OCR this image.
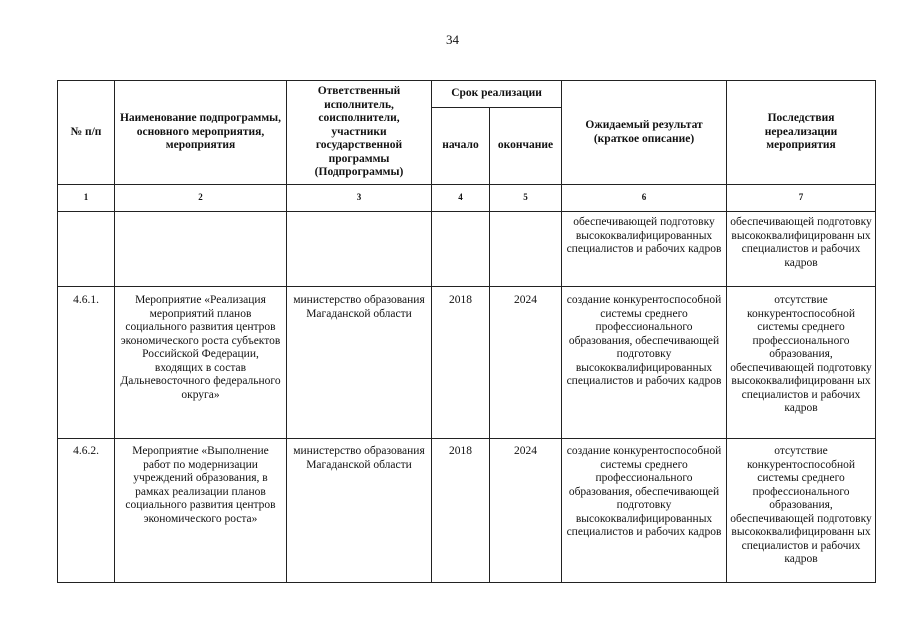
34
№ п/п	Наименование подпрограммы, основного мероприятия, мероприятия	Ответственный исполнитель, соисполнители, участники государственной программы (Подпрограммы)	Срок реализации		Ожидаемый результат (краткое описание)	Последствия нереализации мероприятия
			начало	окончание		
1	2	3	4	5	6	7
					обеспечивающей подготовку высококвалифицированных специалистов и рабочих кадров	обеспечивающей подготовку высококвалифицированн ых специалистов и рабочих кадров
4.6.1.	Мероприятие «Реализация мероприятий планов социального развития центров экономического роста субъектов Российской Федерации, входящих в состав Дальневосточного федерального округа»	министерство образования Магаданской области	2018	2024	создание конкурентоспособной системы среднего профессионального образования, обеспечивающей подготовку высококвалифицированных специалистов и рабочих кадров	отсутствие конкурентоспособной системы среднего профессионального образования, обеспечивающей подготовку высококвалифицированн ых специалистов и рабочих кадров
4.6.2.	Мероприятие «Выполнение работ по модернизации учреждений образования, в рамках реализации планов социального развития центров экономического роста»	министерство образования Магаданской области	2018	2024	создание конкурентоспособной системы среднего профессионального образования, обеспечивающей подготовку высококвалифицированных специалистов и рабочих кадров	отсутствие конкурентоспособной системы среднего профессионального образования, обеспечивающей подготовку высококвалифицированн ых специалистов и рабочих кадров
